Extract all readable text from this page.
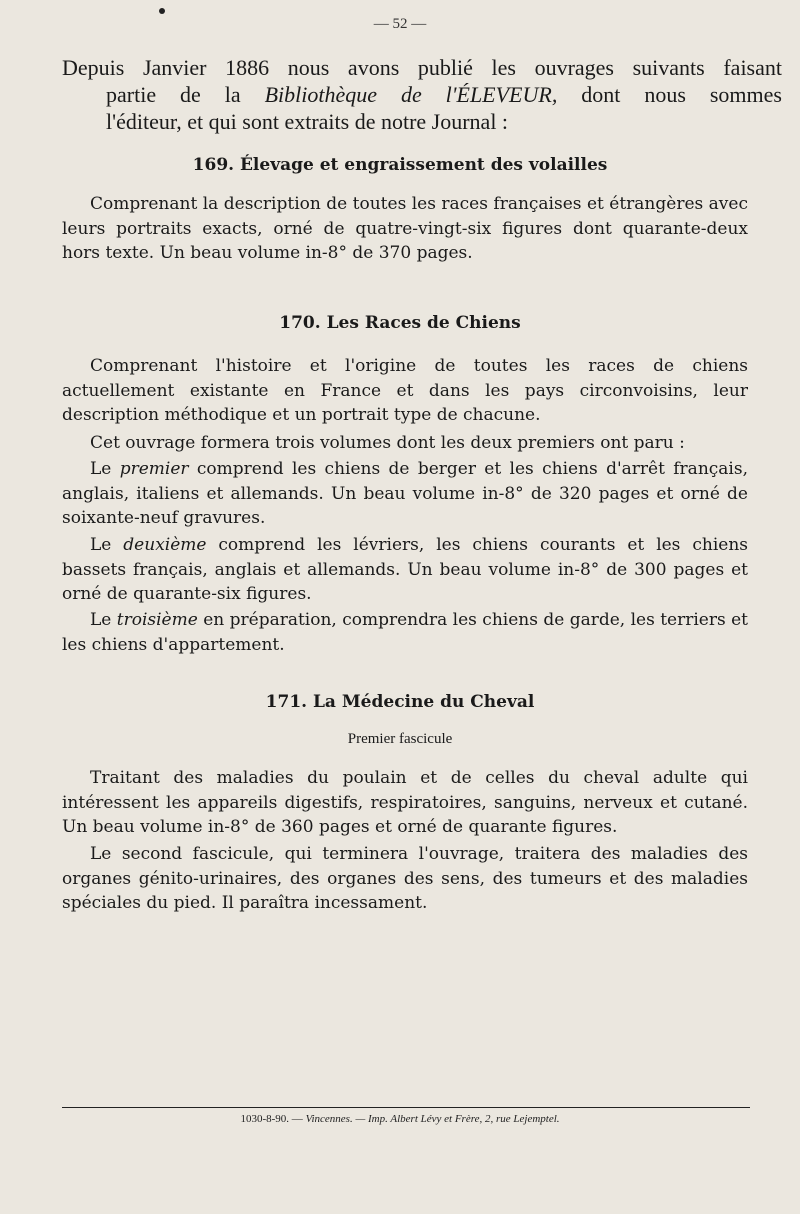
— 52 —

Depuis Janvier 1886 nous avons publié les ouvrages suivants faisant

partie de la Bibliothèque de l'ÉLEVEUR, dont nous sommes

l'éditeur, et qui sont extraits de notre Journal :

169. Élevage et engraissement des volailles

Comprenant la description de toutes les races françaises et étrangères avec leurs portraits exacts, orné de quatre-vingt-six figures dont quarante-deux hors texte. Un beau volume in-8° de 370 pages.

170. Les Races de Chiens

Comprenant l'histoire et l'origine de toutes les races de chiens actuellement existante en France et dans les pays circonvoisins, leur description méthodique et un portrait type de chacune.

Cet ouvrage formera trois volumes dont les deux premiers ont paru :

Le premier comprend les chiens de berger et les chiens d'arrêt français, anglais, italiens et allemands. Un beau volume in-8° de 320 pages et orné de soixante-neuf gravures.

Le deuxième comprend les lévriers, les chiens courants et les chiens bassets français, anglais et allemands. Un beau volume in-8° de 300 pages et orné de quarante-six figures.

Le troisième en préparation, comprendra les chiens de garde, les terriers et les chiens d'appartement.

171. La Médecine du Cheval
Premier fascicule

Traitant des maladies du poulain et de celles du cheval adulte qui intéressent les appareils digestifs, respiratoires, sanguins, nerveux et cutané. Un beau volume in-8° de 360 pages et orné de quarante figures.

Le second fascicule, qui terminera l'ouvrage, traitera des maladies des organes génito-urinaires, des organes des sens, des tumeurs et des maladies spéciales du pied. Il paraîtra incessament.

1030-8-90. — Vincennes. — Imp. Albert Lévy et Frère, 2, rue Lejemptel.
